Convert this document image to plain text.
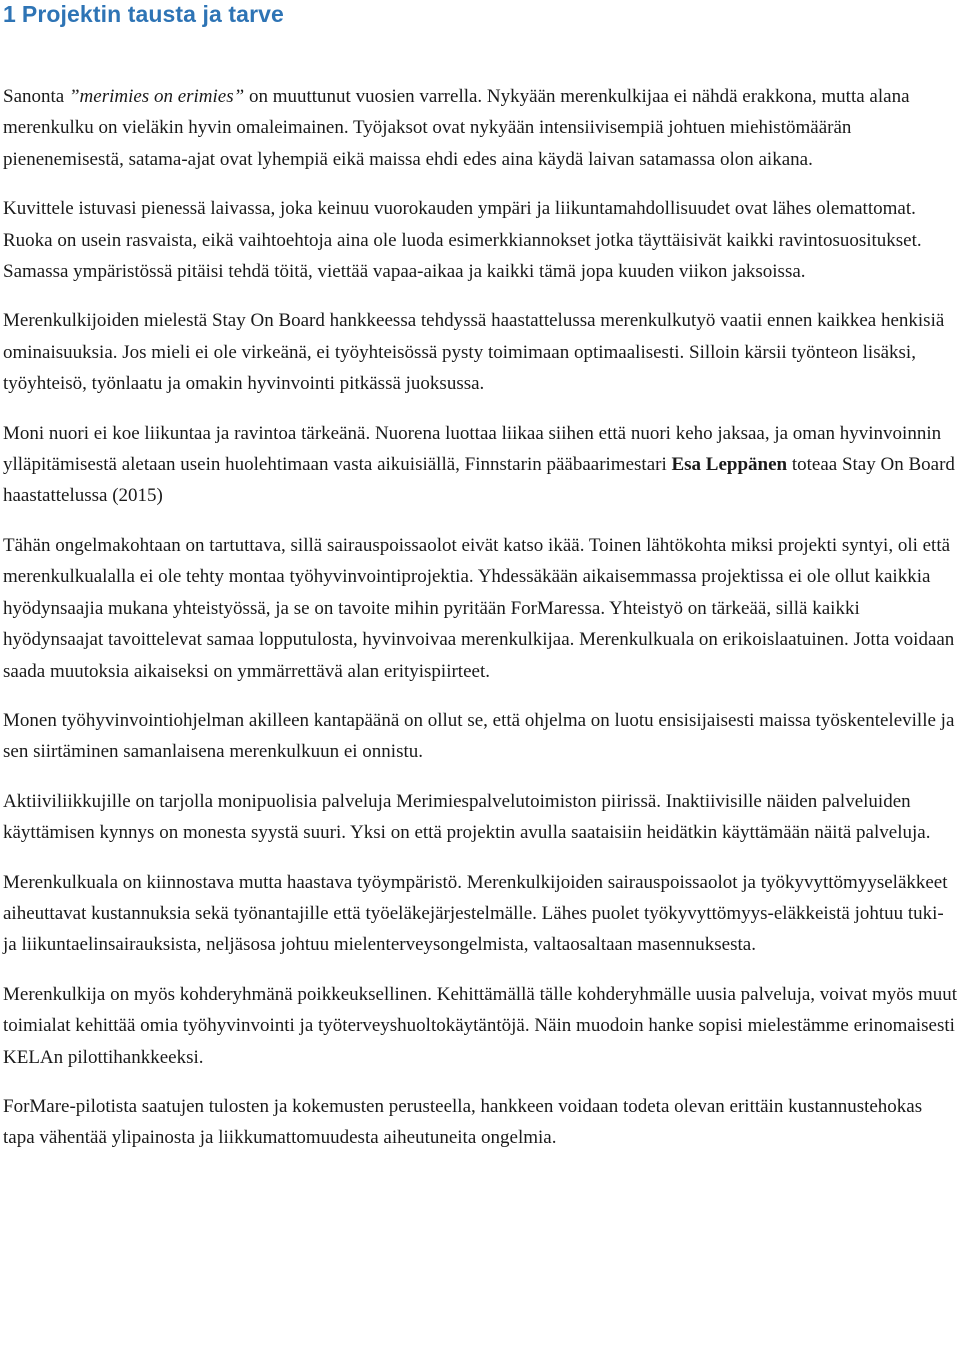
1 Projektin tausta ja tarve

Sanonta ”merimies on erimies” on muuttunut vuosien varrella. Nykyään merenkulkijaa ei nähdä erakkona, mutta alana merenkulku on vieläkin hyvin omaleimainen. Työjaksot ovat nykyään intensiivisempiä johtuen miehistömäärän pienenemisestä, satama-ajat ovat lyhempiä eikä maissa ehdi edes aina käydä laivan satamassa olon aikana.

Kuvittele istuvasi pienessä laivassa, joka keinuu vuorokauden ympäri ja liikuntamahdollisuudet ovat lähes olemattomat. Ruoka on usein rasvaista, eikä vaihtoehtoja aina ole luoda esimerkkiannokset jotka täyttäisivät kaikki ravintosuositukset. Samassa ympäristössä pitäisi tehdä töitä, viettää vapaa-aikaa ja kaikki tämä jopa kuuden viikon jaksoissa.

Merenkulkijoiden mielestä Stay On Board hankkeessa tehdyssä haastattelussa merenkulkutyö vaatii ennen kaikkea henkisiä ominaisuuksia. Jos mieli ei ole virkeänä, ei työyhteisössä pysty toimimaan optimaalisesti. Silloin kärsii työnteon lisäksi, työyhteisö, työnlaatu ja omakin hyvinvointi pitkässä juoksussa.

Moni nuori ei koe liikuntaa ja ravintoa tärkeänä. Nuorena luottaa liikaa siihen että nuori keho jaksaa, ja oman hyvinvoinnin ylläpitämisestä aletaan usein huolehtimaan vasta aikuisiällä, Finnstarin pääbaarimestari Esa Leppänen toteaa Stay On Board haastattelussa (2015)

Tähän ongelmakohtaan on tartuttava, sillä sairauspoissaolot eivät katso ikää. Toinen lähtökohta miksi projekti syntyi, oli että merenkulkualalla ei ole tehty montaa työhyvinvointiprojektia. Yhdessäkään aikaisemmassa projektissa ei ole ollut kaikkia hyödynsaajia mukana yhteistyössä, ja se on tavoite mihin pyritään ForMaressa. Yhteistyö on tärkeää, sillä kaikki hyödynsaajat tavoittelevat samaa lopputulosta, hyvinvoivaa merenkulkijaa. Merenkulkuala on erikoislaatuinen. Jotta voidaan saada muutoksia aikaiseksi on ymmärrettävä alan erityispiirteet.

Monen työhyvinvointiohjelman akilleen kantapäänä on ollut se, että ohjelma on luotu ensisijaisesti maissa työskenteleville ja sen siirtäminen samanlaisena merenkulkuun ei onnistu.

Aktiiviliikkujille on tarjolla monipuolisia palveluja Merimiespalvelutoimiston piirissä. Inaktiivisille näiden palveluiden käyttämisen kynnys on monesta syystä suuri. Yksi on että projektin avulla saataisiin heidätkin käyttämään näitä palveluja.

Merenkulkuala on kiinnostava mutta haastava työympäristö. Merenkulkijoiden sairauspoissaolot ja työkyvyttömyyseläkkeet aiheuttavat kustannuksia sekä työnantajille että työeläkejärjestelmälle. Lähes puolet työkyvyttömyys-eläkkeistä johtuu tuki- ja liikuntaelinsairauksista, neljäsosa johtuu mielenterveysongelmista, valtaosaltaan masennuksesta.

Merenkulkija on myös kohderyhmänä poikkeuksellinen. Kehittämällä tälle kohderyhmälle uusia palveluja, voivat myös muut toimialat kehittää omia työhyvinvointi ja työterveyshuoltokäytäntöjä. Näin muodoin hanke sopisi mielestämme erinomaisesti KELAn pilottihankkeeksi.

ForMare-pilotista saatujen tulosten ja kokemusten perusteella, hankkeen voidaan todeta olevan erittäin kustannustehokas tapa vähentää ylipainosta ja liikkumattomuudesta aiheutuneita ongelmia.
